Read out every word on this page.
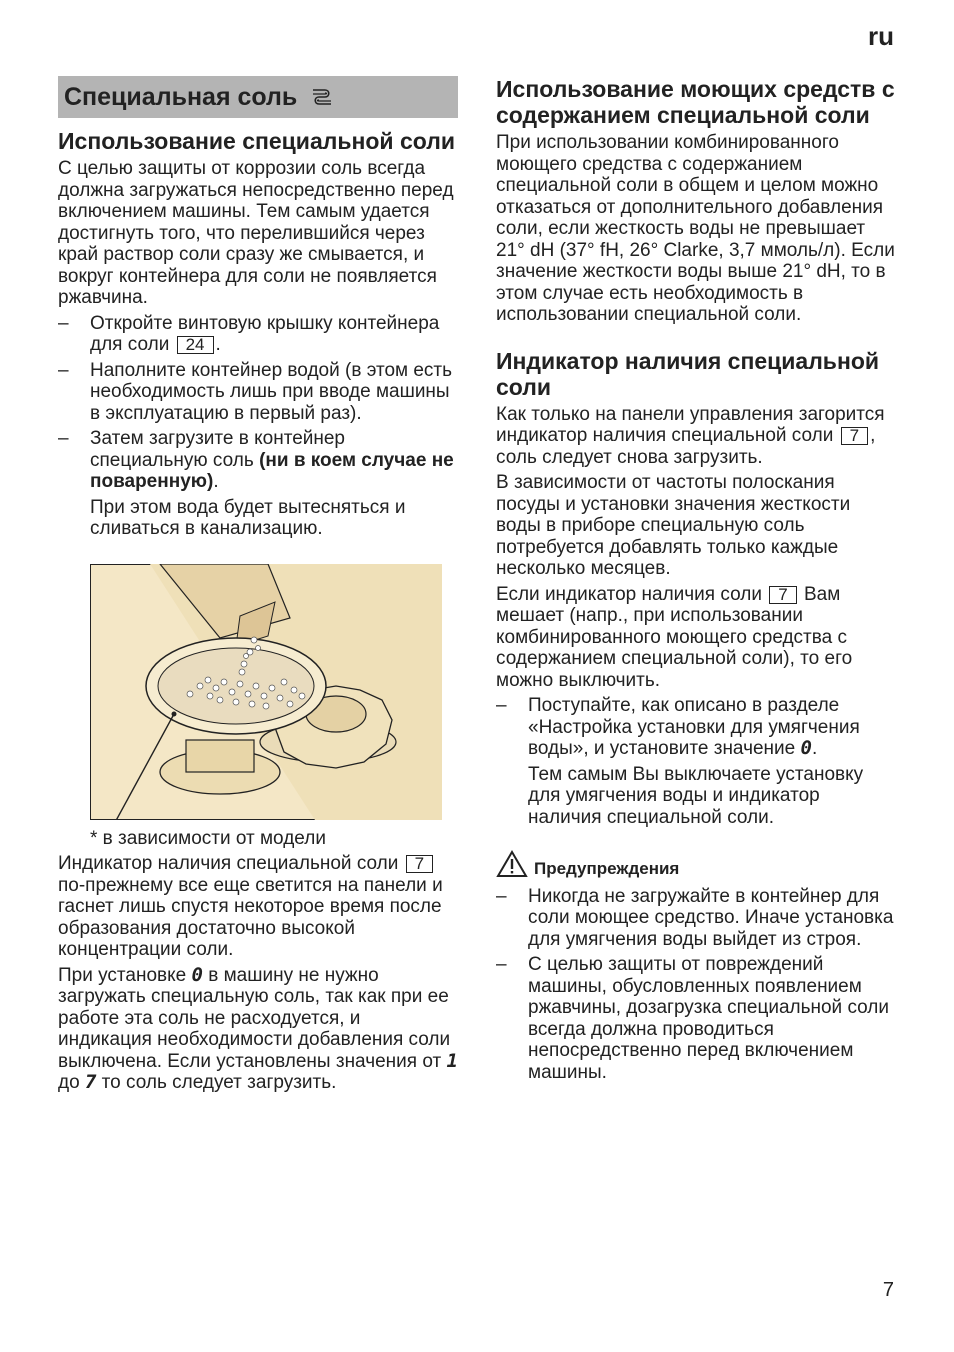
ru
Специальная соль
Использование специальной соли

С целью защиты от коррозии соль всегда должна загружаться непосредственно перед включением машины. Тем самым удается достигнуть того, что перелившийся через край раствор соли сразу же смывается, и вокруг контейнера для соли не появляется ржавчина.

– Откройте винтовую крышку контейнера для соли 24 .
– Наполните контейнер водой (в этом есть необходимость лишь при вводе машины в эксплуатацию в первый раз).
– Затем загрузите в контейнер специальную соль (ни в коем случае не поваренную).
При этом вода будет вытесняться и сливаться в канализацию.
* в зависимости от модели

Индикатор наличия специальной соли 7 по-прежнему все еще светится на панели и гаснет лишь спустя некоторое время после образования достаточно высокой концентрации соли.

При установке 0 в машину не нужно загружать специальную соль, так как при ее работе эта соль не расходуется, и индикация необходимости добавления соли выключена. Если установлены значения от 1 до 7 то соль следует загрузить.

Использование моющих средств с содержанием специальной соли

При использовании комбинированного моющего средства с содержанием специальной соли в общем и целом можно отказаться от дополнительного добавления соли, если жесткость воды не превышает 21° dH (37° fH, 26° Clarke, 3,7 ммоль/л). Если значение жесткости воды выше 21° dH, то в этом случае есть необходимость в использовании специальной соли.

Индикатор наличия специальной соли

Как только на панели управления загорится индикатор наличия специальной соли 7 , соль следует снова загрузить.

В зависимости от частоты полоскания посуды и установки значения жесткости воды в приборе специальную соль потребуется добавлять только каждые несколько месяцев.

Если индикатор наличия соли 7 Вам мешает (напр., при использовании комбинированного моющего средства с содержанием специальной соли), то его можно выключить.

– Поступайте, как описано в разделе «Настройка установки для умягчения воды», и установите значение 0.
Тем самым Вы выключаете установку для умягчения воды и индикатор наличия специальной соли.
Предупреждения
– Никогда не загружайте в контейнер для соли моющее средство. Иначе установка для умягчения воды выйдет из строя.
– С целью защиты от повреждений машины, обусловленных появлением ржавчины, дозагрузка специальной соли всегда должна проводиться непосредственно перед включением машины.
7
